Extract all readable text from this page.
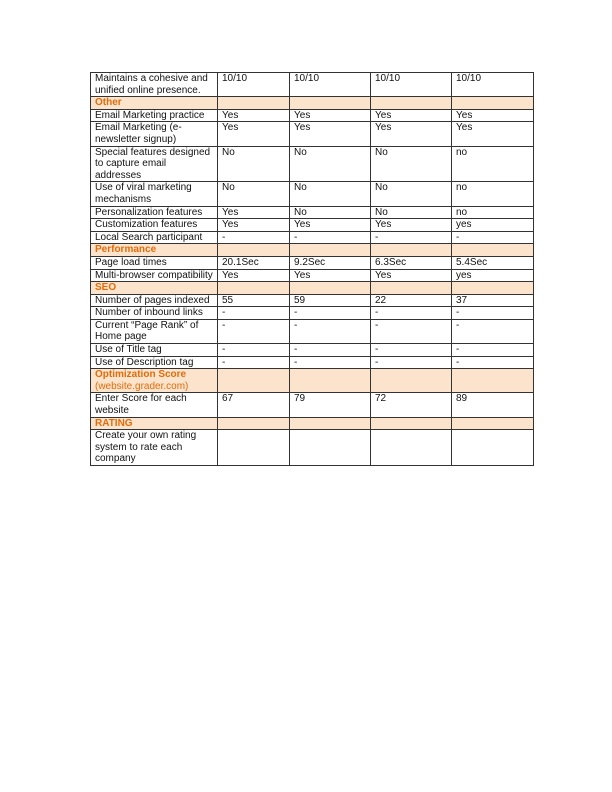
Maintains a cohesive and unified online presence.	10/10	10/10	10/10	10/10
Other				
Email Marketing practice	Yes	Yes	Yes	Yes
Email Marketing (e-newsletter signup)	Yes	Yes	Yes	Yes
Special features designed to capture email addresses	No	No	No	no
Use of viral marketing mechanisms	No	No	No	no
Personalization features	Yes	No	No	no
Customization features	Yes	Yes	Yes	yes
Local Search participant	-	-	-	-
Performance				
Page load times	20.1Sec	9.2Sec	6.3Sec	5.4Sec
Multi-browser compatibility	Yes	Yes	Yes	yes
SEO				
Number of pages indexed	55	59	22	37
Number of inbound links	-	-	-	-
Current “Page Rank” of Home page	-	-	-	-
Use of Title tag	-	-	-	-
Use of Description tag	-	-	-	-
Optimization Score
(website.grader.com)				
Enter Score for each website	67	79	72	89
RATING				
Create your own rating system to rate each company				
